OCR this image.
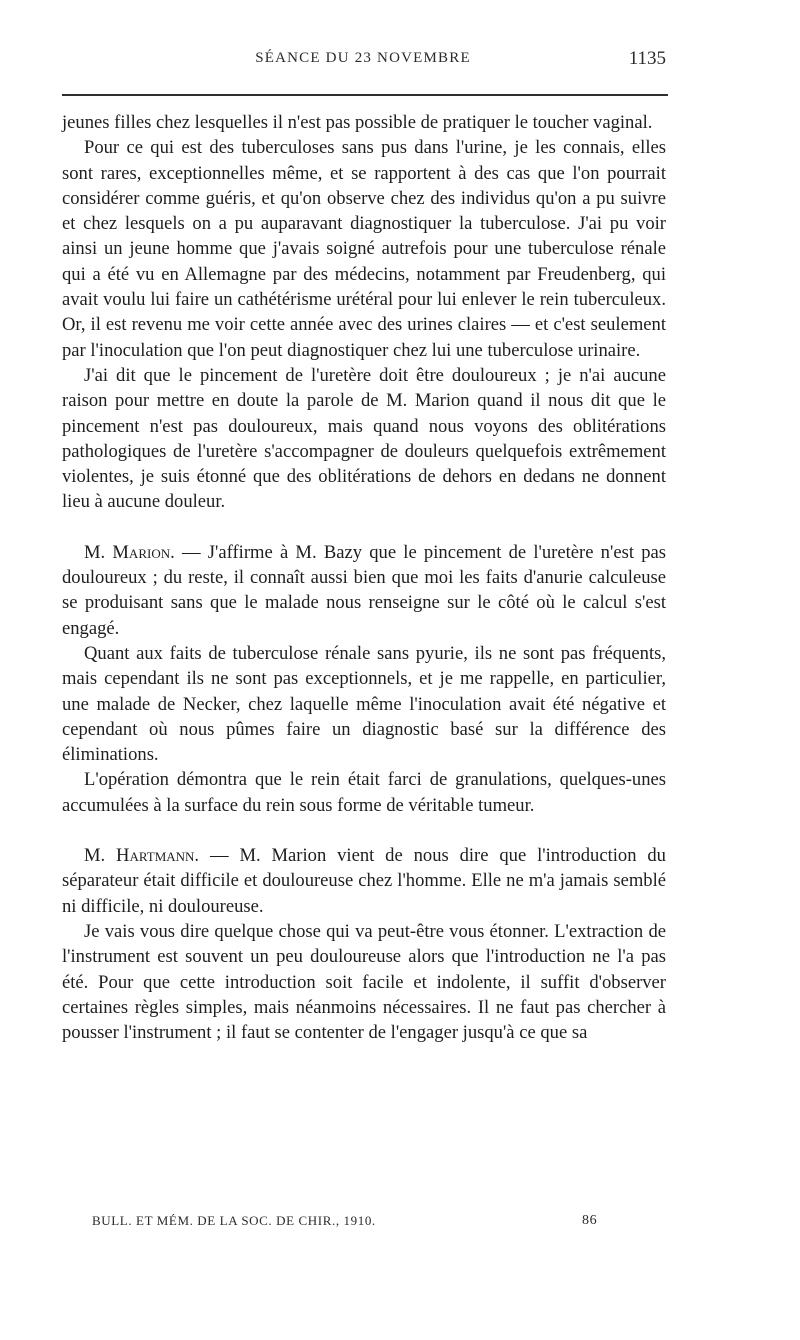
SÉANCE DU 23 NOVEMBRE	1135

jeunes filles chez lesquelles il n'est pas possible de pratiquer le toucher vaginal.

Pour ce qui est des tuberculoses sans pus dans l'urine, je les connais, elles sont rares, exceptionnelles même, et se rapportent à des cas que l'on pourrait considérer comme guéris, et qu'on observe chez des individus qu'on a pu suivre et chez lesquels on a pu auparavant diagnostiquer la tuberculose. J'ai pu voir ainsi un jeune homme que j'avais soigné autrefois pour une tuberculose rénale qui a été vu en Allemagne par des médecins, notamment par Freudenberg, qui avait voulu lui faire un cathétérisme urétéral pour lui enlever le rein tuberculeux. Or, il est revenu me voir cette année avec des urines claires — et c'est seulement par l'inoculation que l'on peut diagnostiquer chez lui une tuberculose urinaire.

J'ai dit que le pincement de l'uretère doit être douloureux ; je n'ai aucune raison pour mettre en doute la parole de M. Marion quand il nous dit que le pincement n'est pas douloureux, mais quand nous voyons des oblitérations pathologiques de l'uretère s'accompagner de douleurs quelquefois extrêmement violentes, je suis étonné que des oblitérations de dehors en dedans ne donnent lieu à aucune douleur.

M. Marion. — J'affirme à M. Bazy que le pincement de l'uretère n'est pas douloureux ; du reste, il connaît aussi bien que moi les faits d'anurie calculeuse se produisant sans que le malade nous renseigne sur le côté où le calcul s'est engagé.

Quant aux faits de tuberculose rénale sans pyurie, ils ne sont pas fréquents, mais cependant ils ne sont pas exceptionnels, et je me rappelle, en particulier, une malade de Necker, chez laquelle même l'inoculation avait été négative et cependant où nous pûmes faire un diagnostic basé sur la différence des éliminations.

L'opération démontra que le rein était farci de granulations, quelques-unes accumulées à la surface du rein sous forme de véritable tumeur.

M. Hartmann. — M. Marion vient de nous dire que l'introduction du séparateur était difficile et douloureuse chez l'homme. Elle ne m'a jamais semblé ni difficile, ni douloureuse.

Je vais vous dire quelque chose qui va peut-être vous étonner. L'extraction de l'instrument est souvent un peu douloureuse alors que l'introduction ne l'a pas été. Pour que cette introduction soit facile et indolente, il suffit d'observer certaines règles simples, mais néanmoins nécessaires. Il ne faut pas chercher à pousser l'instrument ; il faut se contenter de l'engager jusqu'à ce que sa

BULL. ET MÉM. DE LA SOC. DE CHIR., 1910.	86
